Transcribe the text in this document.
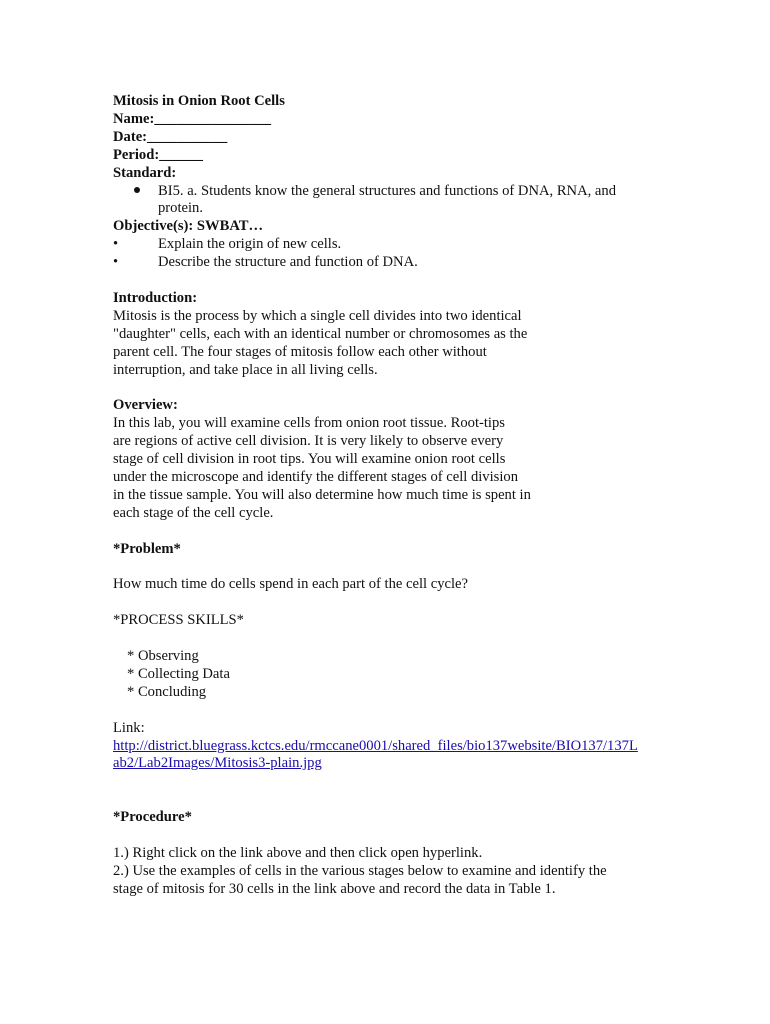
Mitosis in Onion Root Cells
Name:________________
Date:___________
Period:______
Standard:
BI5. a. Students know the general structures and functions of DNA, RNA, and protein.
Objective(s): SWBAT…
•	Explain the origin of new cells.
•	Describe the structure and function of DNA.
Introduction:
Mitosis is the process by which a single cell divides into two identical
"daughter" cells, each with an identical number or chromosomes as the
parent cell. The four stages of mitosis follow each other without
interruption, and take place in all living cells.
Overview:
In this lab, you will examine cells from onion root tissue. Root-tips
are regions of active cell division. It is very likely to observe every
stage of cell division in root tips. You will examine onion root cells
under the microscope and identify the different stages of cell division
in the tissue sample. You will also determine how much time is spent in
each stage of the cell cycle.
*Problem*
How much time do cells spend in each part of the cell cycle?
*PROCESS SKILLS*
* Observing
* Collecting Data
* Concluding
Link:
http://district.bluegrass.kctcs.edu/rmccane0001/shared_files/bio137website/BIO137/137L
ab2/Lab2Images/Mitosis3-plain.jpg
*Procedure*
1.) Right click on the link above and then click open hyperlink.
2.) Use the examples of cells in the various stages below to examine and identify the
stage of mitosis for 30 cells in the link above and record the data in Table 1.
